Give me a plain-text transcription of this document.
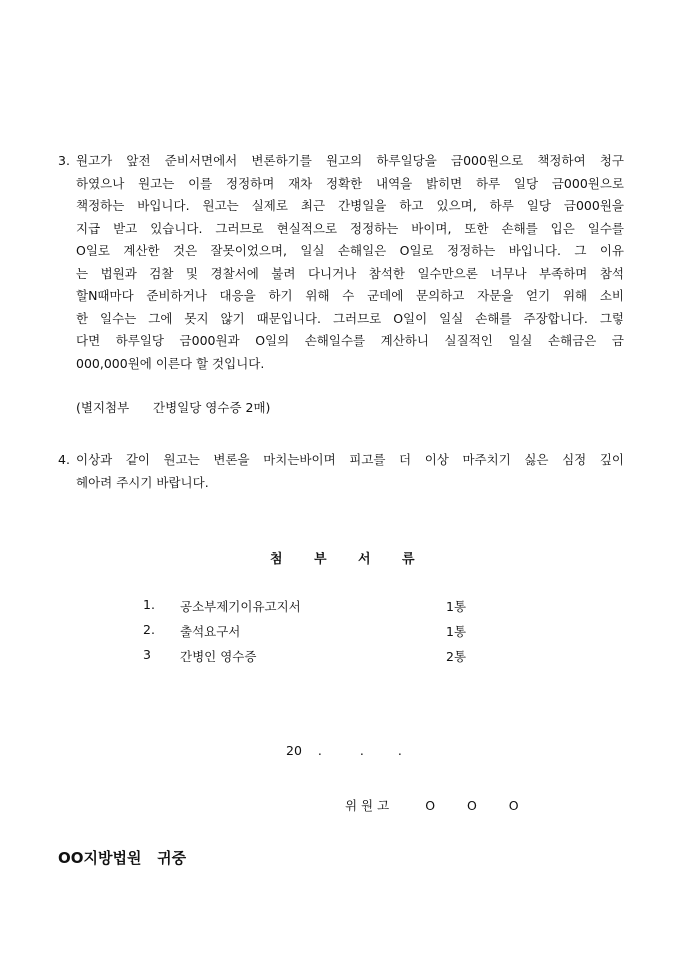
3. 원고가 앞전 준비서면에서 변론하기를 원고의 하루일당을 금000원으로 책정하여 청구
하였으나 원고는 이를 정정하며 재차 정확한 내역을 밝히면 하루 일당 금000원으로
책정하는 바입니다. 원고는 실제로 최근 간병일을 하고 있으며, 하루 일당 금000원을
지급 받고 있습니다. 그러므로 현실적으로 정정하는 바이며, 또한 손해를 입은 일수를
O일로 계산한 것은 잘못이었으며, 일실 손해일은 O일로 정정하는 바입니다. 그 이유
는 법원과 검찰 및 경찰서에 불려 다니거나 참석한 일수만으론 너무나 부족하며 참석
할N때마다 준비하거나 대응을 하기 위해 수 군데에 문의하고 자문을 얻기 위해 소비
한 일수는 그에 못지 않기 때문입니다. 그러므로 O일이 일실 손해를 주장합니다. 그렇
다면 하루일당 금000원과 O일의 손해일수를 계산하니 실질적인 일실 손해금은 금
000,000원에 이른다 할 것입니다.
(별지첨부      간병일당 영수증 2매)
4. 이상과 같이 원고는 변론을 마치는바이며 피고를 더 이상 마주치기 싫은 심정 깊이
헤아려 주시기 바랍니다.
첨 부 서 류
1. 공소부제기이유고지서	1통
2. 출석요구서	1통
3 간병인 영수증	2통
20 .	.	.
위 원 고	O  O  O
OO지방법원   귀중
